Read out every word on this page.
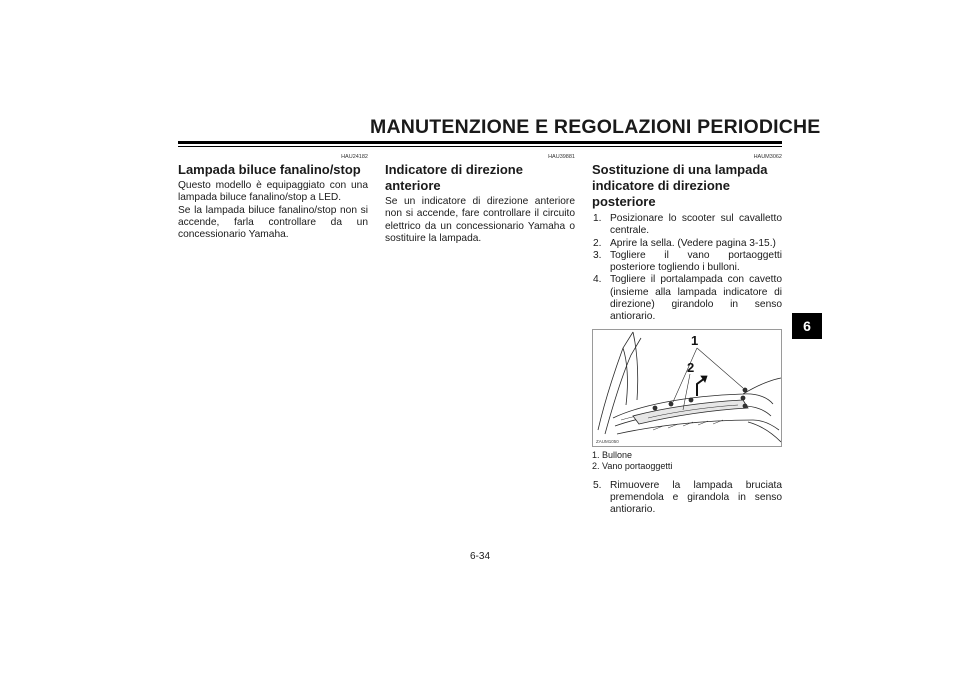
MANUTENZIONE E REGOLAZIONI PERIODICHE
6
HAU24182
Lampada biluce fanalino/stop

Questo modello è equipaggiato con una lampada biluce fanalino/stop a LED.

Se la lampada biluce fanalino/stop non si accende, farla controllare da un concessionario Yamaha.

HAU39881
Indicatore di direzione anteriore

Se un indicatore di direzione anteriore non si accende, fare controllare il circuito elettrico da un concessionario Yamaha o sostituire la lampada.

HAUM3062
Sostituzione di una lampada indicatore di direzione posteriore
1. Posizionare lo scooter sul cavalletto centrale.
2. Aprire la sella. (Vedere pagina 3-15.)
3. Togliere il vano portaoggetti posteriore togliendo i bulloni.
4. Togliere il portalampada con cavetto (insieme alla lampada indicatore di direzione) girandolo in senso antiorario.
1
2
ZAUM1050
1. Bullone
2. Vano portaoggetti
5. Rimuovere la lampada bruciata premendola e girandola in senso antiorario.
6-34
